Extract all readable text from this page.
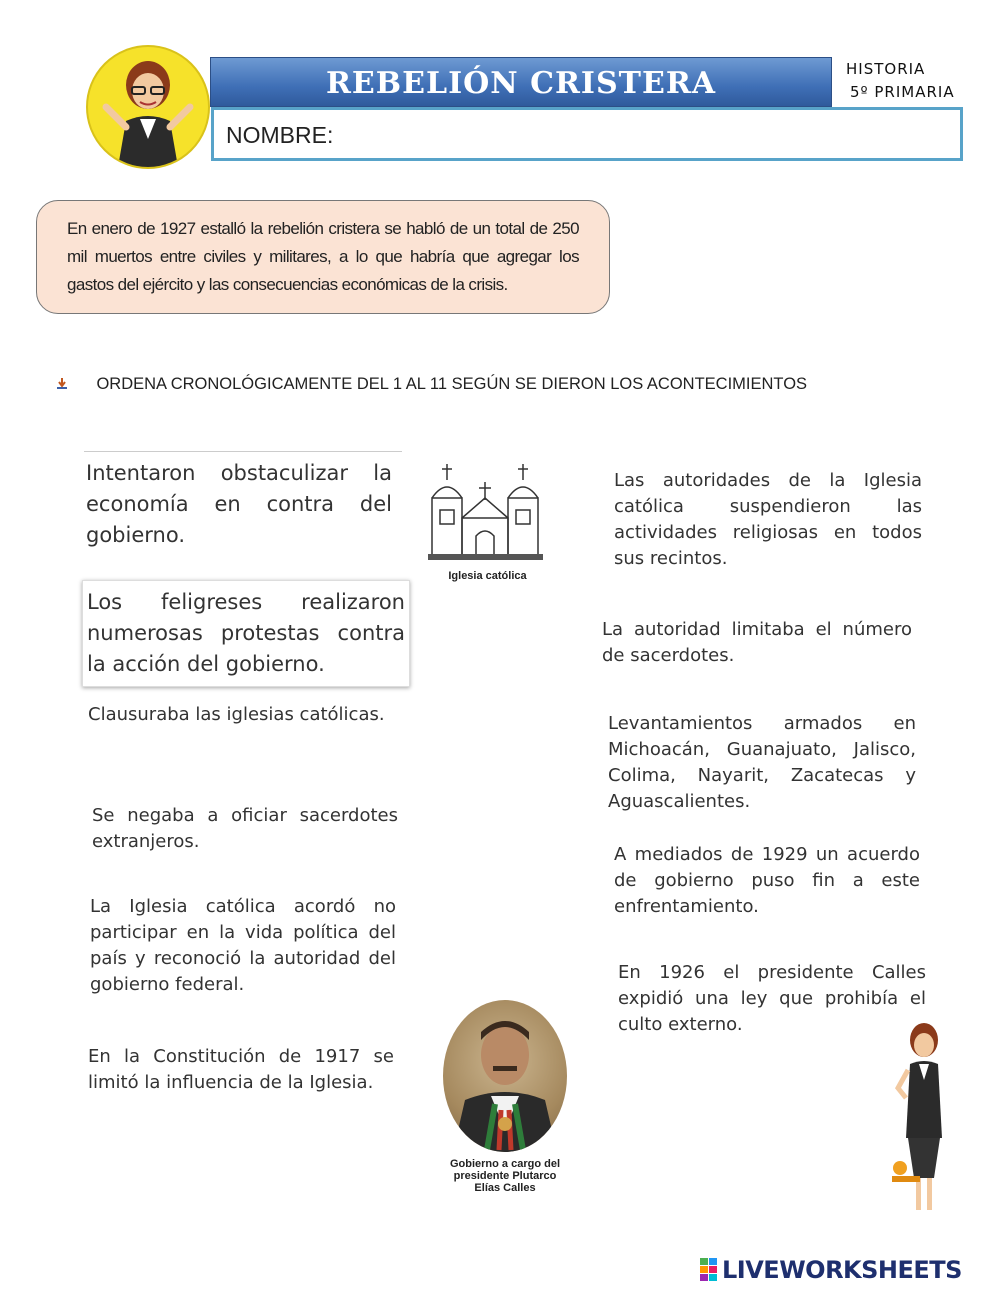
REBELIÓN CRISTERA	HISTORIA
5º PRIMARIA
NOMBRE:

En enero de 1927 estalló la rebelión cristera se habló de un total de 250 mil muertos entre civiles y militares, a lo que habría que agregar los gastos del ejército y las consecuencias económicas de la crisis.

ORDENA CRONOLÓGICAMENTE DEL 1 AL 11 SEGÚN SE DIERON LOS ACONTECIMIENTOS
Intentaron obstaculizar la economía en contra del gobierno.
Los feligreses realizaron numerosas protestas contra la acción del gobierno.
Clausuraba las iglesias católicas.
Se negaba a oficiar sacerdotes extranjeros.
La Iglesia católica acordó no participar en la vida política del país y reconoció la autoridad del gobierno federal.
En la Constitución de 1917 se limitó la influencia de la Iglesia.
Iglesia católica
Las autoridades de la Iglesia católica suspendieron las actividades religiosas en todos sus recintos.
La autoridad limitaba el número de sacerdotes.
Levantamientos armados en Michoacán, Guanajuato, Jalisco, Colima, Nayarit, Zacatecas y Aguascalientes.
A mediados de 1929 un acuerdo de gobierno puso fin a este enfrentamiento.
En 1926 el presidente Calles expidió una ley que prohibía el culto externo.
Gobierno a cargo del presidente Plutarco Elías Calles
LIVEWORKSHEETS
